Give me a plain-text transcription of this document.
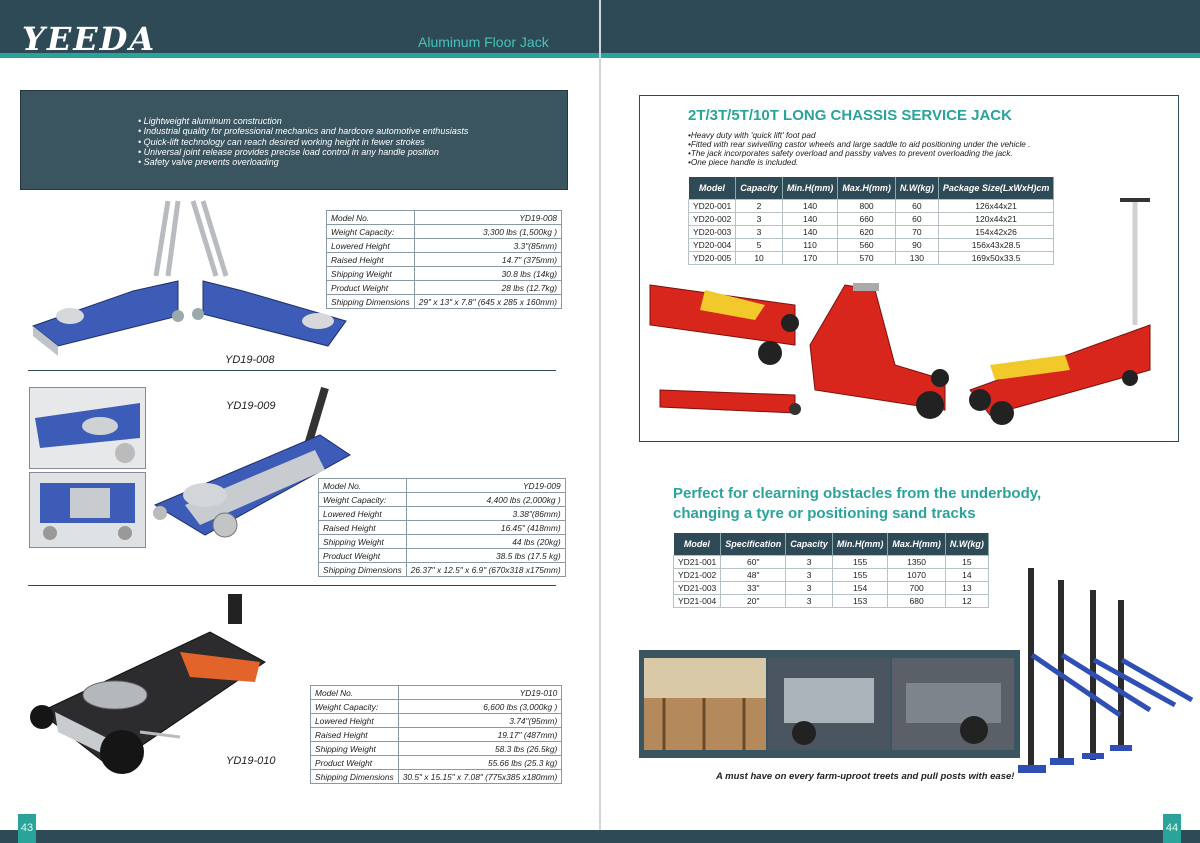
YEEDA	Aluminum Floor Jack
43	44
• Lightweight aluminum construction
• Industrial quality for professional mechanics and hardcore automotive enthusiasts
• Quick-lift technology can reach desired working height in fewer strokes
• Universal joint release provides precise load control in any handle position
• Safety valve prevents overloading
Model No.	YD19-008
Weight Capacity:	3,300 lbs (1,500kg )
Lowered Height	3.3"(85mm)
Raised Height	14.7" (375mm)
Shipping Weight	30.8 lbs (14kg)
Product Weight	28 lbs (12.7kg)
Shipping Dimensions	29" x 13" x 7.8" (645 x 285 x 160mm)
YD19-008
YD19-009
Model No.	YD19-009
Weight Capacity:	4,400 lbs (2,000kg )
Lowered Height	3.38"(86mm)
Raised Height	16.45" (418mm)
Shipping Weight	44 lbs (20kg)
Product Weight	38.5 lbs (17.5 kg)
Shipping Dimensions	26.37" x 12.5" x 6.9" (670x318 x175mm)
YD19-010
Model No.	YD19-010
Weight Capacity:	6,600 lbs (3,000kg )
Lowered Height	3.74"(95mm)
Raised Height	19.17" (487mm)
Shipping Weight	58.3 lbs (26.5kg)
Product Weight	55.66 lbs (25.3 kg)
Shipping Dimensions	30.5" x 15.15" x 7.08" (775x385 x180mm)
2T/3T/5T/10T LONG CHASSIS SERVICE JACK
•Heavy duty with 'quick lift' foot pad
•Fitted with rear swivelling castor wheels and large saddle to aid positioning under the vehicle .
•The jack incorporates safety overload and passby valves to prevent overloading the jack.
•One piece handle is included.
Model	Capacity	Min.H(mm)	Max.H(mm)	N.W(kg)	Package Size(LxWxH)cm
YD20-001	2	140	800	60	126x44x21
YD20-002	3	140	660	60	120x44x21
YD20-003	3	140	620	70	154x42x26
YD20-004	5	110	560	90	156x43x28.5
YD20-005	10	170	570	130	169x50x33.5
Perfect for clearning obstacles from the underbody,
changing a tyre or positioning sand tracks
Model	Specification	Capacity	Min.H(mm)	Max.H(mm)	N.W(kg)
YD21-001	60"	3	155	1350	15
YD21-002	48"	3	155	1070	14
YD21-003	33"	3	154	700	13
YD21-004	20"	3	153	680	12
A must have on every farm-uproot treets and pull posts with ease!
